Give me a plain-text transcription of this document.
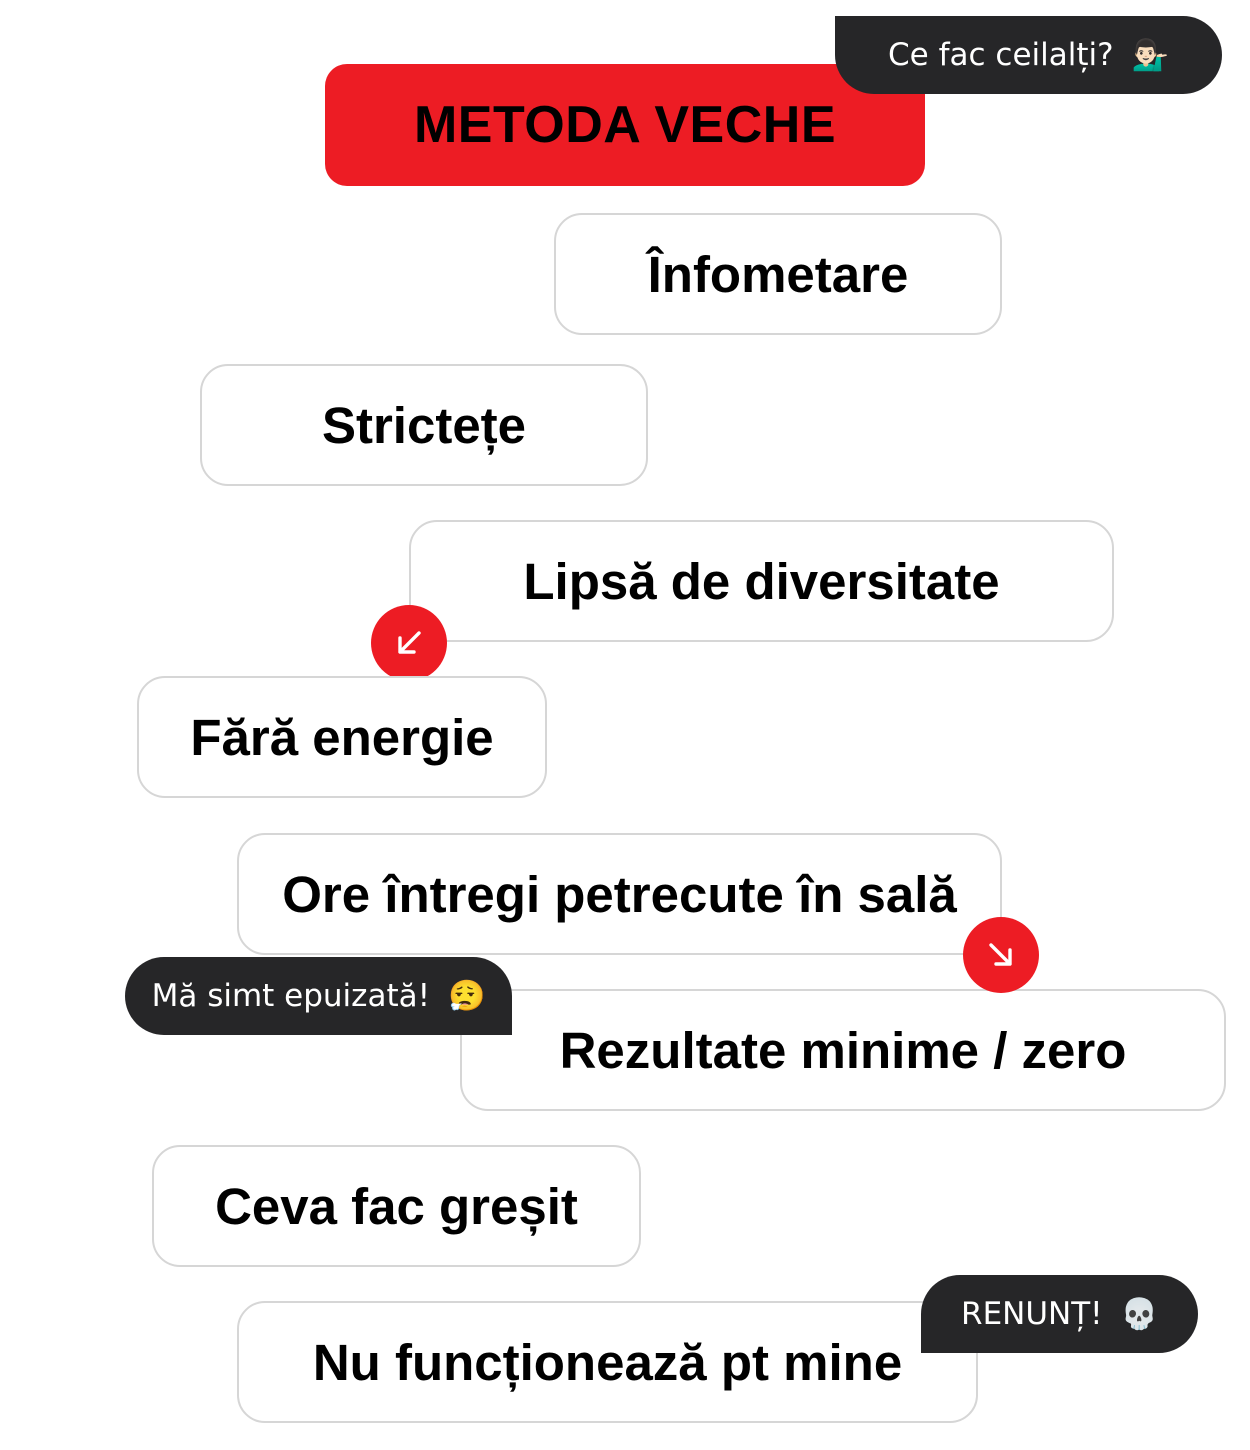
METODA VECHE
Ce fac ceilalți? 💁🏻‍♂️
Înfometare
Strictețe
Lipsă de diversitate
Fără energie
Ore întregi petrecute în sală
Rezultate minime / zero
Mă simt epuizată! 😮‍💨
Ceva fac greșit
Nu funcționează pt mine
RENUNȚ! 💀
